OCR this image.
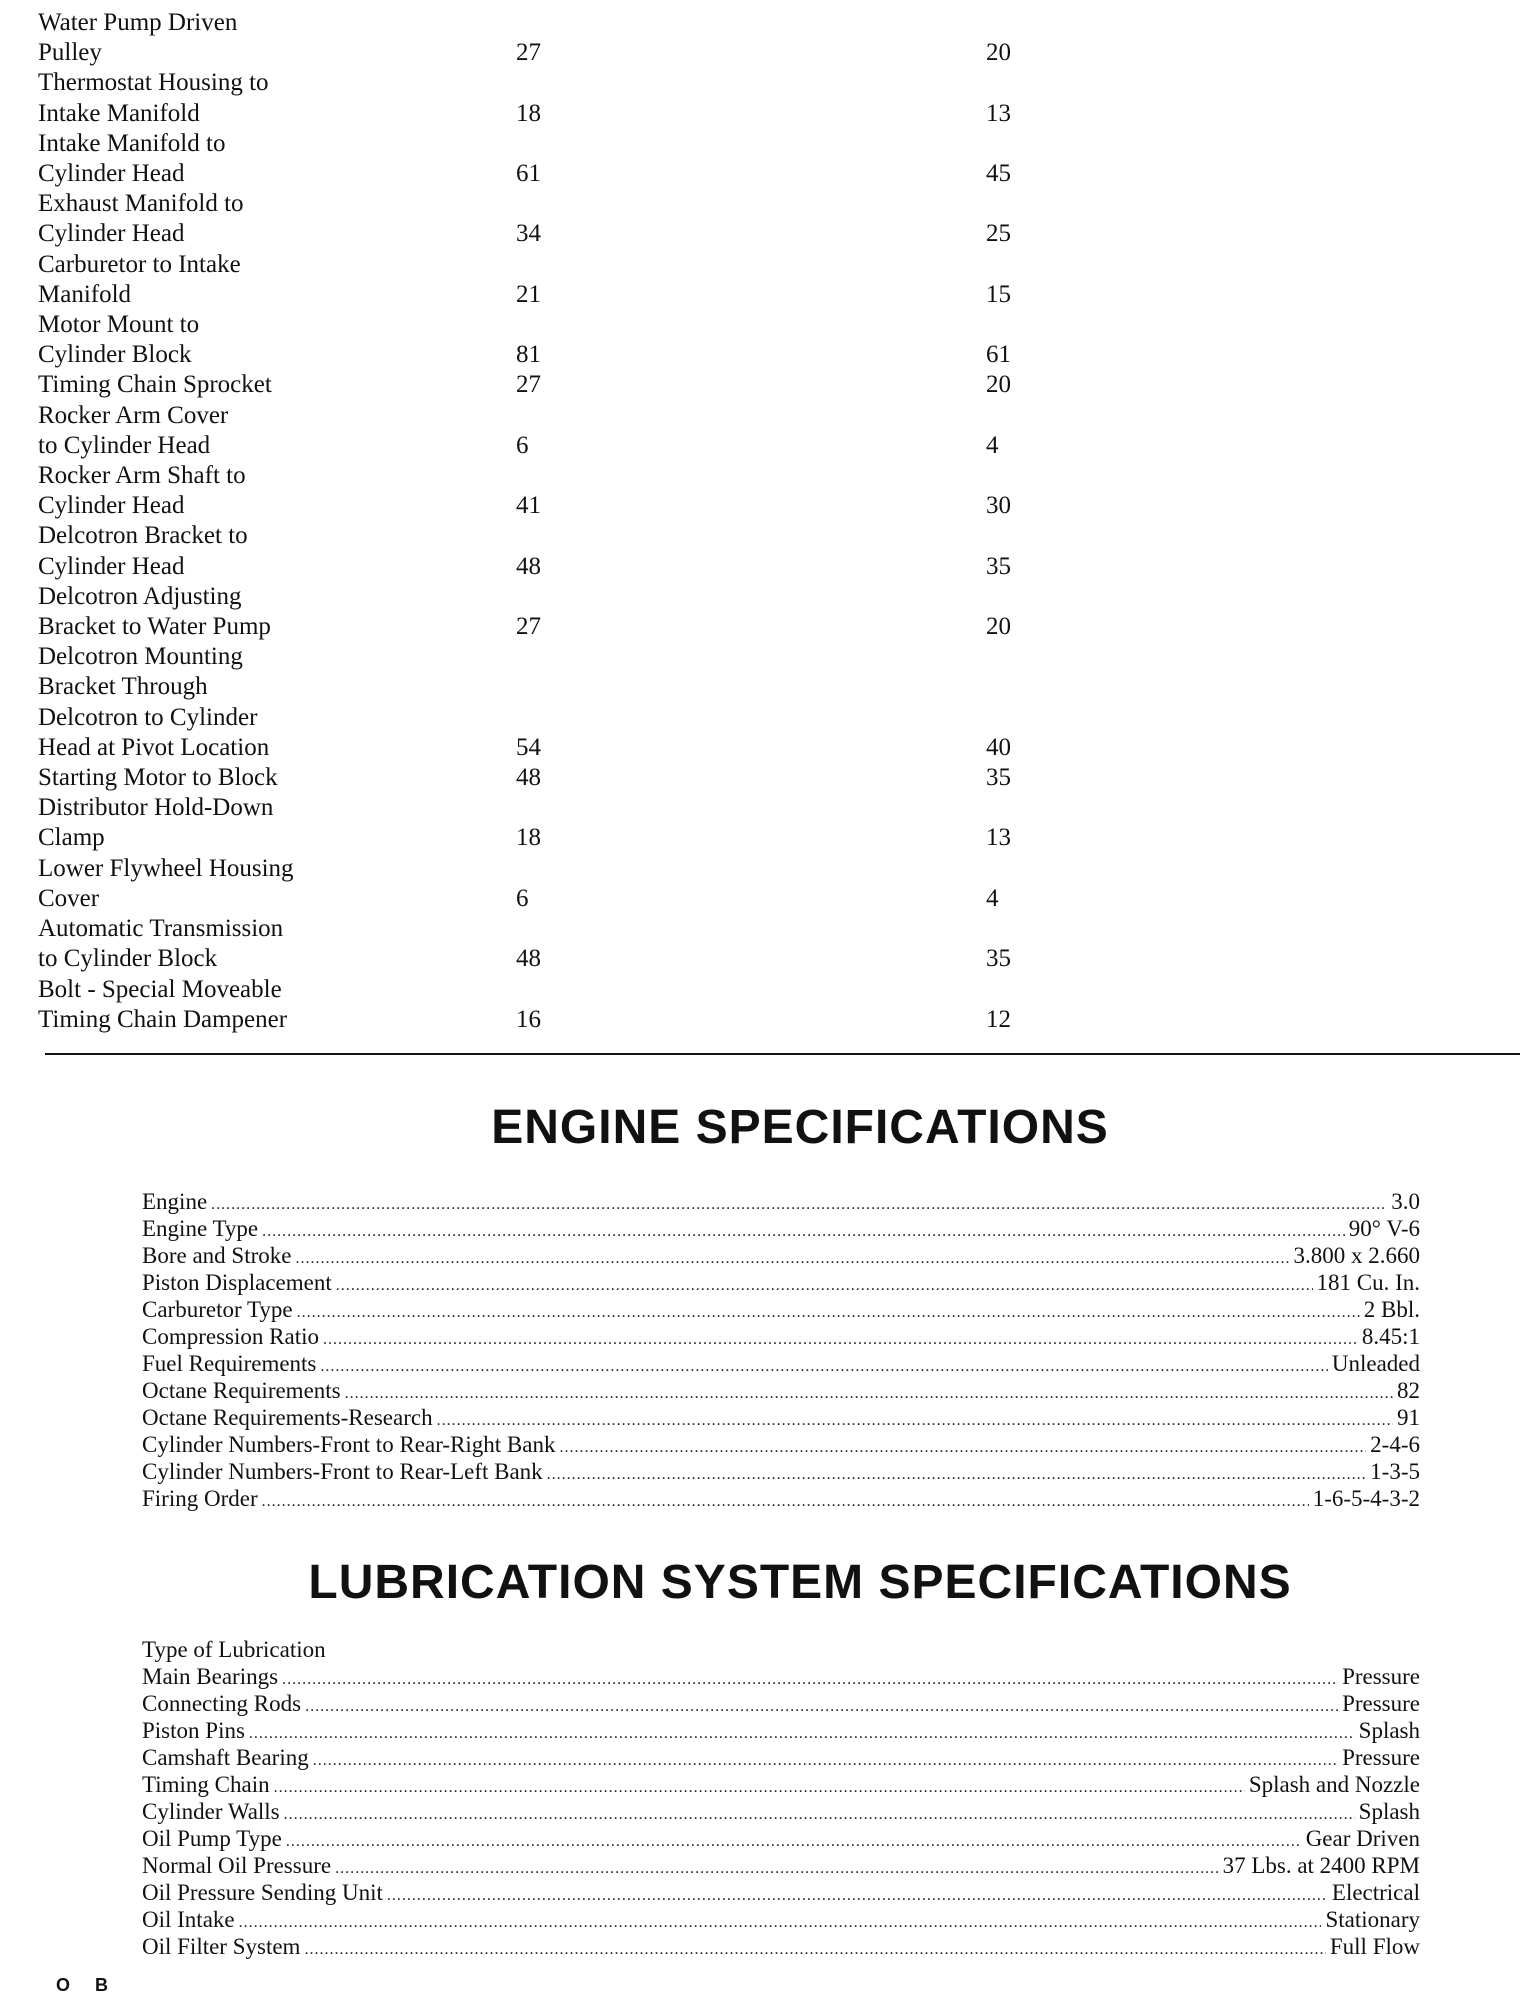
Water Pump Driven
Pulley	27	20
Thermostat Housing to
Intake Manifold	18	13
Intake Manifold to
Cylinder Head	61	45
Exhaust Manifold to
Cylinder Head	34	25
Carburetor to Intake
Manifold	21	15
Motor Mount to
Cylinder Block	81	61
Timing Chain Sprocket	27	20
Rocker Arm Cover
to Cylinder Head	6	4
Rocker Arm Shaft to
Cylinder Head	41	30
Delcotron Bracket to
Cylinder Head	48	35
Delcotron Adjusting
Bracket to Water Pump	27	20
Delcotron Mounting
Bracket Through
Delcotron to Cylinder
Head at Pivot Location	54	40
Starting Motor to Block	48	35
Distributor Hold-Down
Clamp	18	13
Lower Flywheel Housing
Cover	6	4
Automatic Transmission
to Cylinder Block	48	35
Bolt - Special Moveable
Timing Chain Dampener	16	12
ENGINE SPECIFICATIONS
Engine .....	3.0
Engine Type .....	90° V-6
Bore and Stroke .....	3.800 x 2.660
Piston Displacement .....	181 Cu. In.
Carburetor Type .....	2 Bbl.
Compression Ratio .....	8.45:1
Fuel Requirements .....	Unleaded
Octane Requirements .....	82
Octane Requirements-Research .....	91
Cylinder Numbers-Front to Rear-Right Bank .....	2-4-6
Cylinder Numbers-Front to Rear-Left Bank .....	1-3-5
Firing Order .....	1-6-5-4-3-2
LUBRICATION SYSTEM SPECIFICATIONS
Type of Lubrication
Main Bearings .....	Pressure
Connecting Rods .....	Pressure
Piston Pins .....	Splash
Camshaft Bearing .....	Pressure
Timing Chain .....	Splash and Nozzle
Cylinder Walls .....	Splash
Oil Pump Type .....	Gear Driven
Normal Oil Pressure .....	37 Lbs. at 2400 RPM
Oil Pressure Sending Unit .....	Electrical
Oil Intake .....	Stationary
Oil Filter System .....	Full Flow
O B
